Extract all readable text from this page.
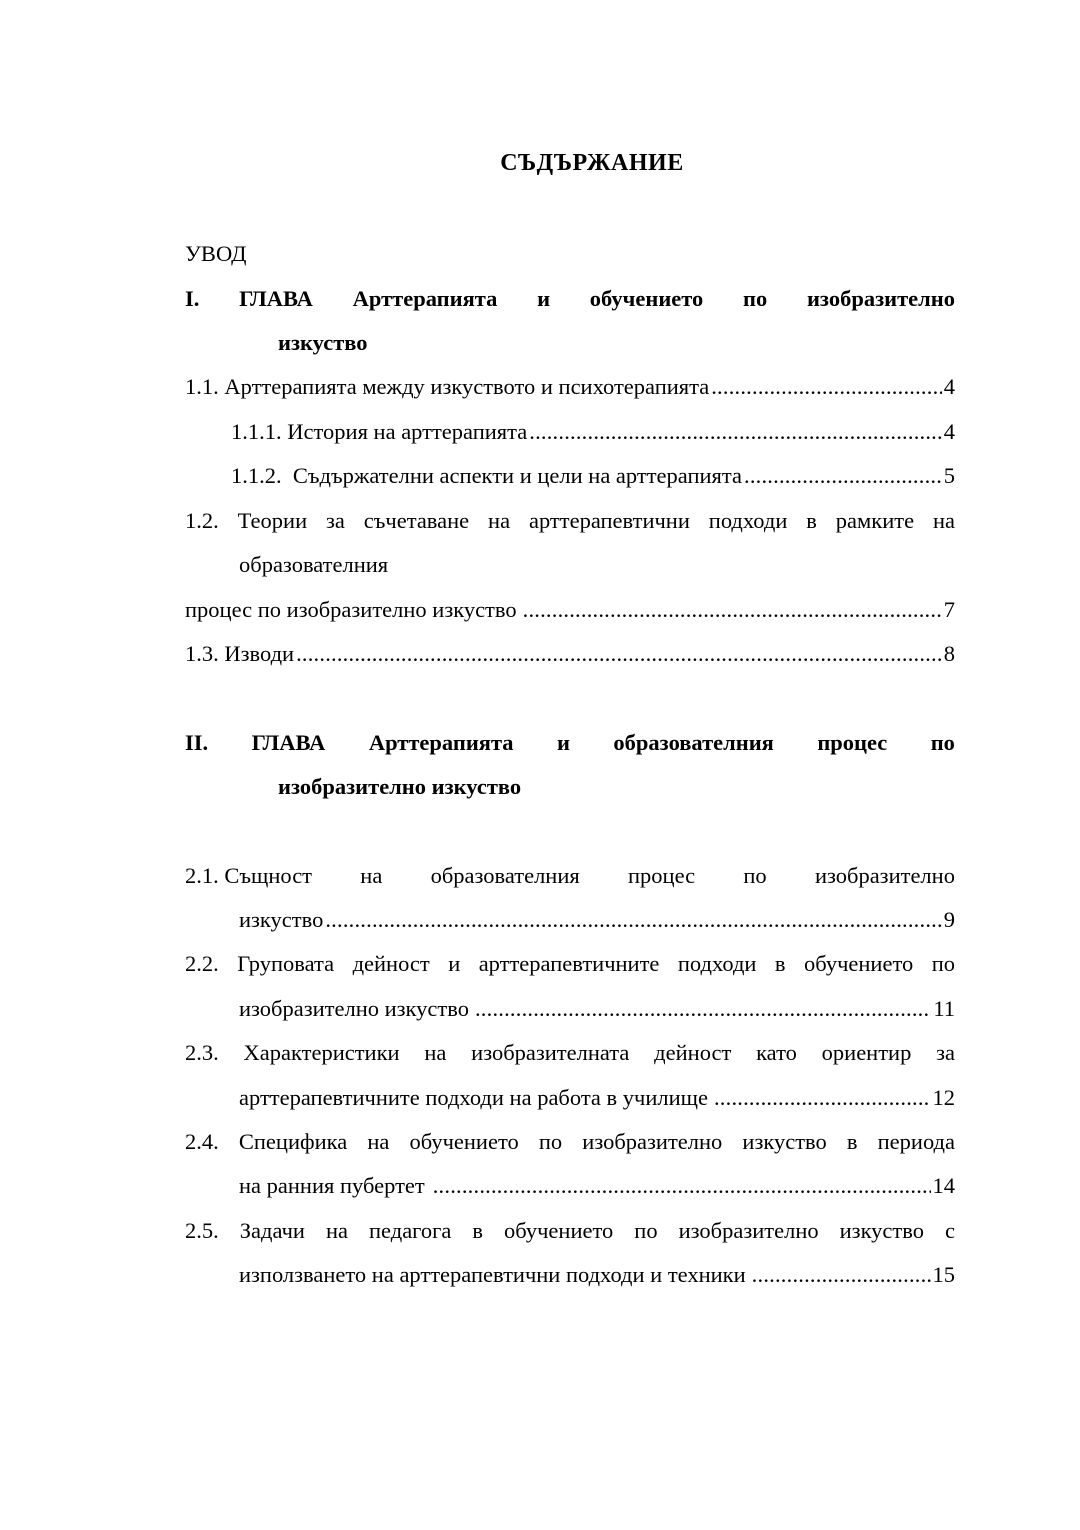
СЪДЪРЖАНИЕ
УВОД
I. ГЛАВА Арттерапията и обучението по изобразително
изкуство
1.1. Арттерапията между изкуството и психотерапията .....	4
1.1.1. История на арттерапията .....	4
1.1.2.  Съдържателни аспекти и цели на арттерапията .....	5
1.2. Теории за съчетаване на арттерапевтични подходи в рамките на
образователния
процес по изобразително изкуство .....	7
1.3. Изводи .....	8
II. ГЛАВА Арттерапията и образователния процес по
изобразително изкуство
2.1. Същност на образователния процес по изобразително
изкуство .....	9
2.2. Груповата дейност и арттерапевтичните подходи в обучението по
изобразително изкуство .....	11
2.3. Характеристики на изобразителната дейност като ориентир за
арттерапевтичните подходи на работа в училище .....	12
2.4. Специфика на обучението по изобразително изкуство в периода
на ранния пубертет .....	14
2.5. Задачи на педагога в обучението по изобразително изкуство с
използването на арттерапевтични подходи и техники .....	15
